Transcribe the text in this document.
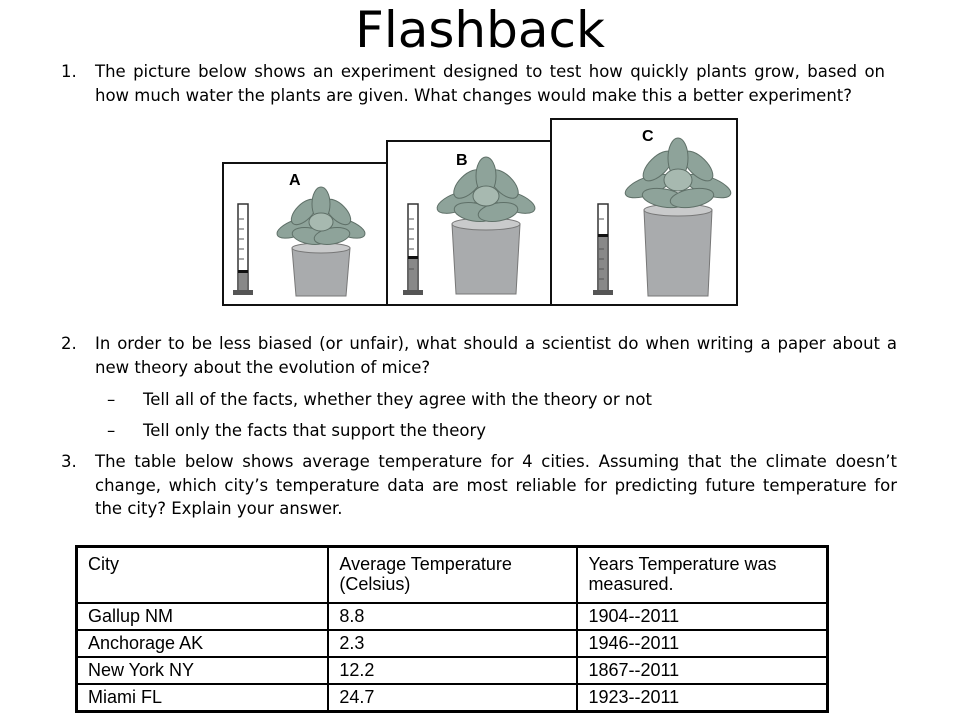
Flashback
1. The picture below shows an experiment designed to test how quickly plants grow, based on how much water the plants are given. What changes would make this a better experiment?
A
B
C
2. In order to be less biased (or unfair), what should a scientist do when writing a paper about a new theory about the evolution of mice?
– Tell all of the facts, whether they agree with the theory or not
– Tell only the facts that support the theory
3. The table below shows average temperature for 4 cities. Assuming that the climate doesn’t change, which city’s temperature data are most reliable for predicting future temperature for the city? Explain your answer.
City	Average Temperature (Celsius)	Years Temperature was measured.
Gallup NM	8.8	1904--2011
Anchorage AK	2.3	1946--2011
New York NY	12.2	1867--2011
Miami FL	24.7	1923--2011
